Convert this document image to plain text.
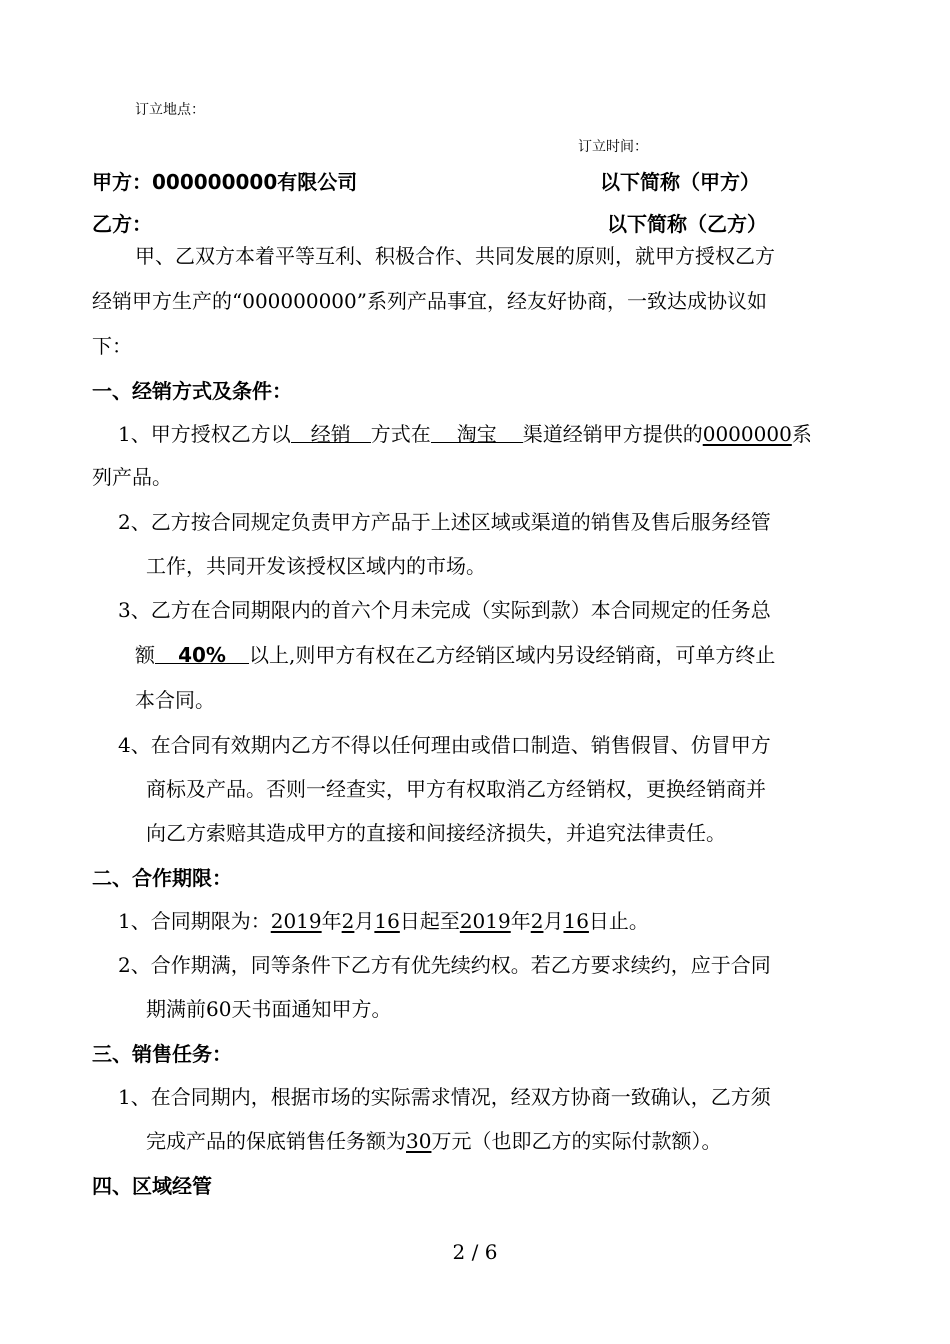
订立地点：
订立时间：
甲方：000000000有限公司	以下简称（甲方）
乙方：	以下简称（乙方）
甲、乙双方本着平等互利、积极合作、共同发展的原则，就甲方授权乙方
经销甲方生产的“000000000”系列产品事宜，经友好协商，一致达成协议如
下：
一、经销方式及条件：
1、甲方授权乙方以 经销 方式在 淘宝 渠道经销甲方提供的0000000系
列产品。
2、乙方按合同规定负责甲方产品于上述区域或渠道的销售及售后服务经管
工作，共同开发该授权区域内的市场。
3、乙方在合同期限内的首六个月未完成（实际到款）本合同规定的任务总
额 40% 以上,则甲方有权在乙方经销区域内另设经销商，可单方终止
本合同。
4、在合同有效期内乙方不得以任何理由或借口制造、销售假冒、仿冒甲方
商标及产品。否则一经查实，甲方有权取消乙方经销权，更换经销商并
向乙方索赔其造成甲方的直接和间接经济损失，并追究法律责任。
二、合作期限：
1、合同期限为：2019年2月16日起至2019年2月16日止。
2、合作期满，同等条件下乙方有优先续约权。若乙方要求续约，应于合同
期满前60天书面通知甲方。
三、销售任务：
1、在合同期内，根据市场的实际需求情况，经双方协商一致确认，乙方须
完成产品的保底销售任务额为30万元（也即乙方的实际付款额）。
四、区域经管
2 / 6
